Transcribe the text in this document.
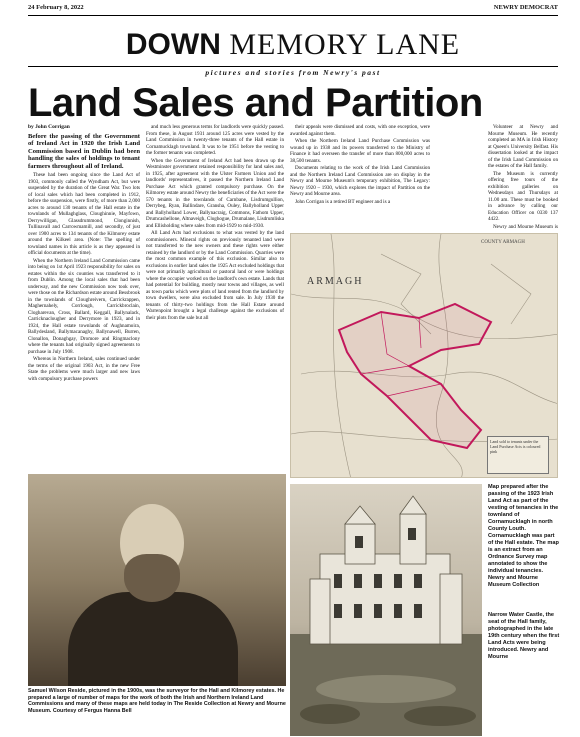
24 February 8, 2022	NEWRY DEMOCRAT
DOWN MEMORY LANE
pictures and stories from Newry's past
Land Sales and Partition
by John Corrigan
Before the passing of the Government of Ireland Act in 1920 the Irish Land Commission based in Dublin had been handling the sales of holdings to tenant farmers throughout all of Ireland.

These had been ongoing since the Land Act of 1903, commonly called the Wyndham Act, but were suspended by the duration of the Great War. Two lots of local sales which had been completed in 1912, before the suspension, were firstly, of more than 2,000 acres to around 130 tenants of the Hall estate in the townlands of Mullaghglass, Cloughinnie, Mayfown, Derrywilligan, Glassdrummond, Clonginnish, Tullinavall and Carrowmamill, and secondly, of just over 1900 acres to 134 tenants of the Kilmorey estate around the Kilkeel area. (Note: The spelling of townland names in this article is as they appeared in official documents at the time).

When the Northern Ireland Land Commission came into being on 1st April 1923 responsibility for sales on estates within the six counties was transferred to it from Dublin. Among the local sales that had been underway, and the new Commission now took over, were those on the Richardson estate around Bessbrook in the townlands of Cloughreivern, Carrickrappen, Maghernahely, Corrlough, Carrickbroclain, Clogharevan, Cross, Ballard, Keggall, Ballynalack, Carricknaclougher and Derrymore in 1923, and in 1924, the Hall estate townlands of Aughnamoira, Ballydesland, Ballymacanaghy, Ballynawell, Burren, Clonallon, Donaghgay, Dromore and Ringmaclony where the tenants had originally signed agreements to purchase in July 1908.

Whereas in Northern Ireland, sales continued under the terms of the original 1903 Act, in the new Free State the problems were much larger and new laws with compulsory purchase powers

and much less generous terms for landlords were quickly passed. From these, in August 1931 around 125 acres were vested by the Land Commission in twenty-three tenants of the Hall estate in Cornamucklagh townland. It was to be 1951 before the vesting to the former tenants was completed.

When the Government of Ireland Act had been drawn up the Westminster government retained responsibility for land sales and, in 1925, after agreement with the Ulster Farmers Union and the landlords' representatives, it passed the Northern Ireland Land Purchase Act which granted compulsory purchase. On the Kilmorey estate around Newry the beneficiaries of the Act were the 570 tenants in the townlands of Carnbane, Lisdrumgullion, Derrybeg, Ryan, Ballindare, Granshа, Ouley, Ballyholland Upper and Ballyholland Lower, Ballynacraig, Commons, Fathom Upper, Drumcashellone, Altnaveigh, Cloghogue, Drumalane, Lisdrumliska and Ellisholding where sales from mid-1929 to mid-1930.

All Land Acts had exclusions to what was vested by the land commissioners. Mineral rights on previously tenanted land were not transferred to the new owners and these rights were either retained by the landlord or by the Land Commission. Quarries were the most common example of this exclusion. Similar also to exclusions in earlier land sales the 1925 Act excluded holdings that were not primarily agricultural or pastoral land or were holdings where the occupier worked on the landlord's own estate. Lands that had potential for building, mostly near towns and villages, as well as town parks which were plots of land rented from the landlord by town dwellers, were also excluded from sale. In July 1930 the tenants of thirty-two holdings from the Hall Estate around Warrenpoint brought a legal challenge against the exclusions of their plots from the sale but all

their appeals were dismissed and costs, with one exception, were awarded against them.

When the Northern Ireland Land Purchase Commission was wound up in 1938 and its powers transferred to the Ministry of Finance it had overseen the transfer of more than 800,000 acres to 38,500 tenants.

Documents relating to the work of the Irish Land Commission and the Northern Ireland Land Commission are on display in the Newry and Mourne Museum's temporary exhibition, The Legacy: Newry 1920 – 1930, which explores the impact of Partition on the Newry and Mourne area.

John Corrigan is a retired BT engineer and is a

Volunteer at Newry and Mourne Museum. He recently completed an MA in Irish History at Queen's University Belfast. His dissertation looked at the impact of the Irish Land Commission on the estates of the Hall family.

The Museum is currently offering free tours of the exhibition galleries on Wednesdays and Thursdays at 11.00 am. These must be booked in advance by calling our Education Officer on 0330 137 4422.

Newry and Mourne Museum is

ARMAGH
COUNTY ARMAGH
Land sold to tenants under the Land Purchase Acts is coloured pink
Map prepared after the passing of the 1923 Irish Land Act as part of the vesting of tenancies in the townland of Cornamucklagh in north County Louth. Cornamucklagh was part of the Hall estate. The map is an extract from an Ordnance Survey map annotated to show the individual tenancies. Newry and Mourne Museum Collection
Samuel Wilson Reside, pictured in the 1900s, was the surveyor for the Hall and Kilmorey estates. He prepared a large of number of maps for the work of both the Irish and Northern Ireland Land Commissions and many of these maps are held today in The Reside Collection at Newry and Mourne Museum. Courtesy of Fergus Hanna Bell
Narrow Water Castle, the seat of the Hall family, photographed in the late 19th century when the first Land Acts were being introduced. Newry and Mourne
